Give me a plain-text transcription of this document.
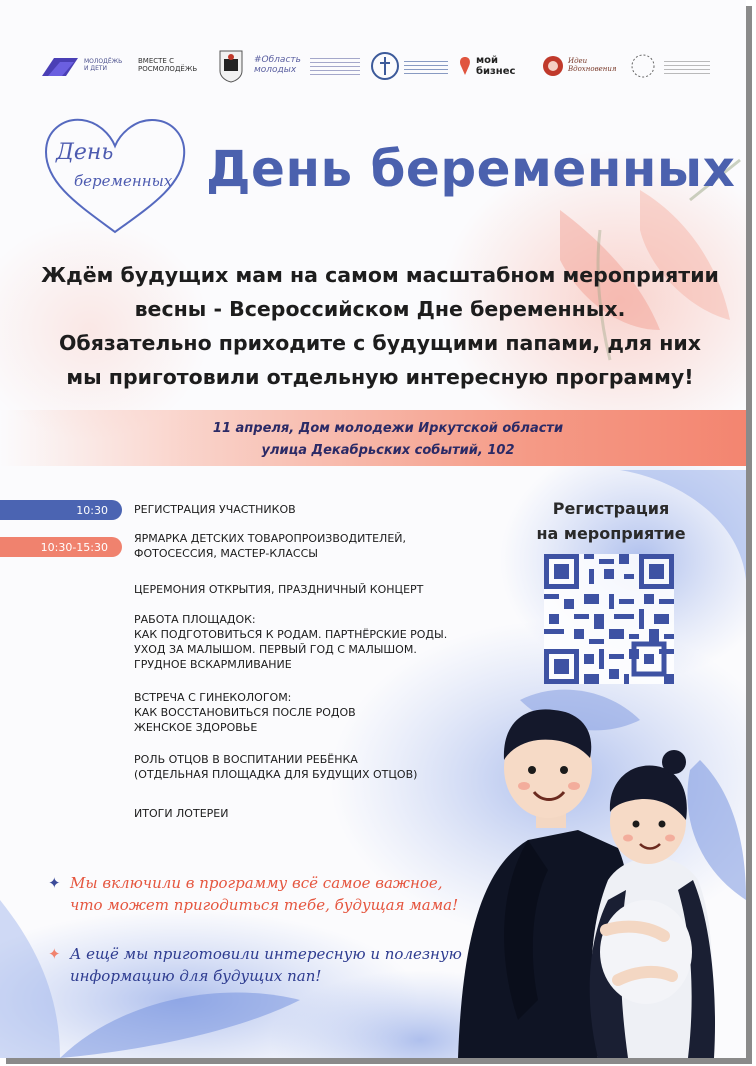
МОЛОДЁЖЬ И ДЕТИ
ВМЕСТЕ С РОСМОЛОДЁЖЬ
#Область молодых
мой бизнес
Идеи Вдохновения
День
беременных День беременных
Ждём будущих мам на самом масштабном мероприятии
весны - Всероссийском Дне беременных.
Обязательно приходите с будущими папами, для них
мы приготовили отдельную интересную программу!
11 апреля, Дом молодежи Иркутской области
улица Декабрьских событий, 102
10:30
10:30-15:30
РЕГИСТРАЦИЯ УЧАСТНИКОВ
ЯРМАРКА ДЕТСКИХ ТОВАРОПРОИЗВОДИТЕЛЕЙ,
ФОТОСЕССИЯ, МАСТЕР-КЛАССЫ
ЦЕРЕМОНИЯ ОТКРЫТИЯ, ПРАЗДНИЧНЫЙ КОНЦЕРТ
РАБОТА ПЛОЩАДОК:
КАК ПОДГОТОВИТЬСЯ К РОДАМ. ПАРТНЁРСКИЕ РОДЫ.
УХОД ЗА МАЛЫШОМ. ПЕРВЫЙ ГОД С МАЛЫШОМ.
ГРУДНОЕ ВСКАРМЛИВАНИЕ
ВСТРЕЧА С ГИНЕКОЛОГОМ:
КАК ВОССТАНОВИТЬСЯ ПОСЛЕ РОДОВ
ЖЕНСКОЕ ЗДОРОВЬЕ
РОЛЬ ОТЦОВ В ВОСПИТАНИИ РЕБЁНКА
(ОТДЕЛЬНАЯ ПЛОЩАДКА ДЛЯ БУДУЩИХ ОТЦОВ)
ИТОГИ ЛОТЕРЕИ
Регистрация
на мероприятие
✦ Мы включили в программу всё самое важное,
что может пригодиться тебе, будущая мама!
✦ А ещё мы приготовили интересную и полезную
информацию для будущих пап!
